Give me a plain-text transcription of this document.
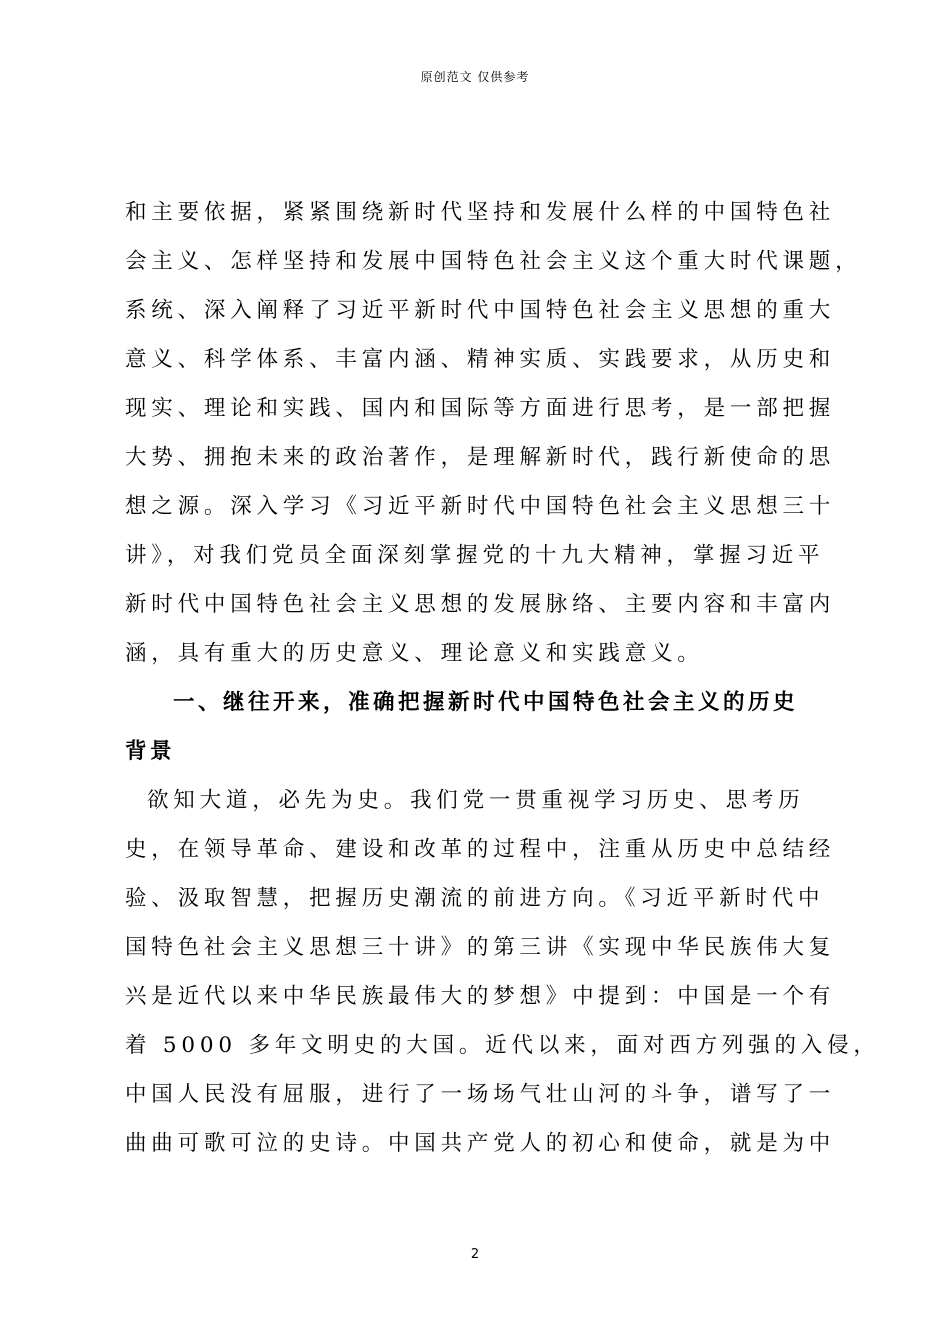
原创范文 仅供参考
和主要依据，紧紧围绕新时代坚持和发展什么样的中国特色社
会主义、怎样坚持和发展中国特色社会主义这个重大时代课题，
系统、深入阐释了习近平新时代中国特色社会主义思想的重大
意义、科学体系、丰富内涵、精神实质、实践要求，从历史和
现实、理论和实践、国内和国际等方面进行思考，是一部把握
大势、拥抱未来的政治著作，是理解新时代，践行新使命的思
想之源。深入学习《习近平新时代中国特色社会主义思想三十
讲》，对我们党员全面深刻掌握党的十九大精神，掌握习近平
新时代中国特色社会主义思想的发展脉络、主要内容和丰富内
涵，具有重大的历史意义、理论意义和实践意义。
一、继往开来，准确把握新时代中国特色社会主义的历史
背景
欲知大道，必先为史。我们党一贯重视学习历史、思考历
史，在领导革命、建设和改革的过程中，注重从历史中总结经
验、汲取智慧，把握历史潮流的前进方向。《习近平新时代中
国特色社会主义思想三十讲》的第三讲《实现中华民族伟大复
兴是近代以来中华民族最伟大的梦想》中提到：中国是一个有
着 5000 多年文明史的大国。近代以来，面对西方列强的入侵，
中国人民没有屈服，进行了一场场气壮山河的斗争，谱写了一
曲曲可歌可泣的史诗。中国共产党人的初心和使命，就是为中
2
